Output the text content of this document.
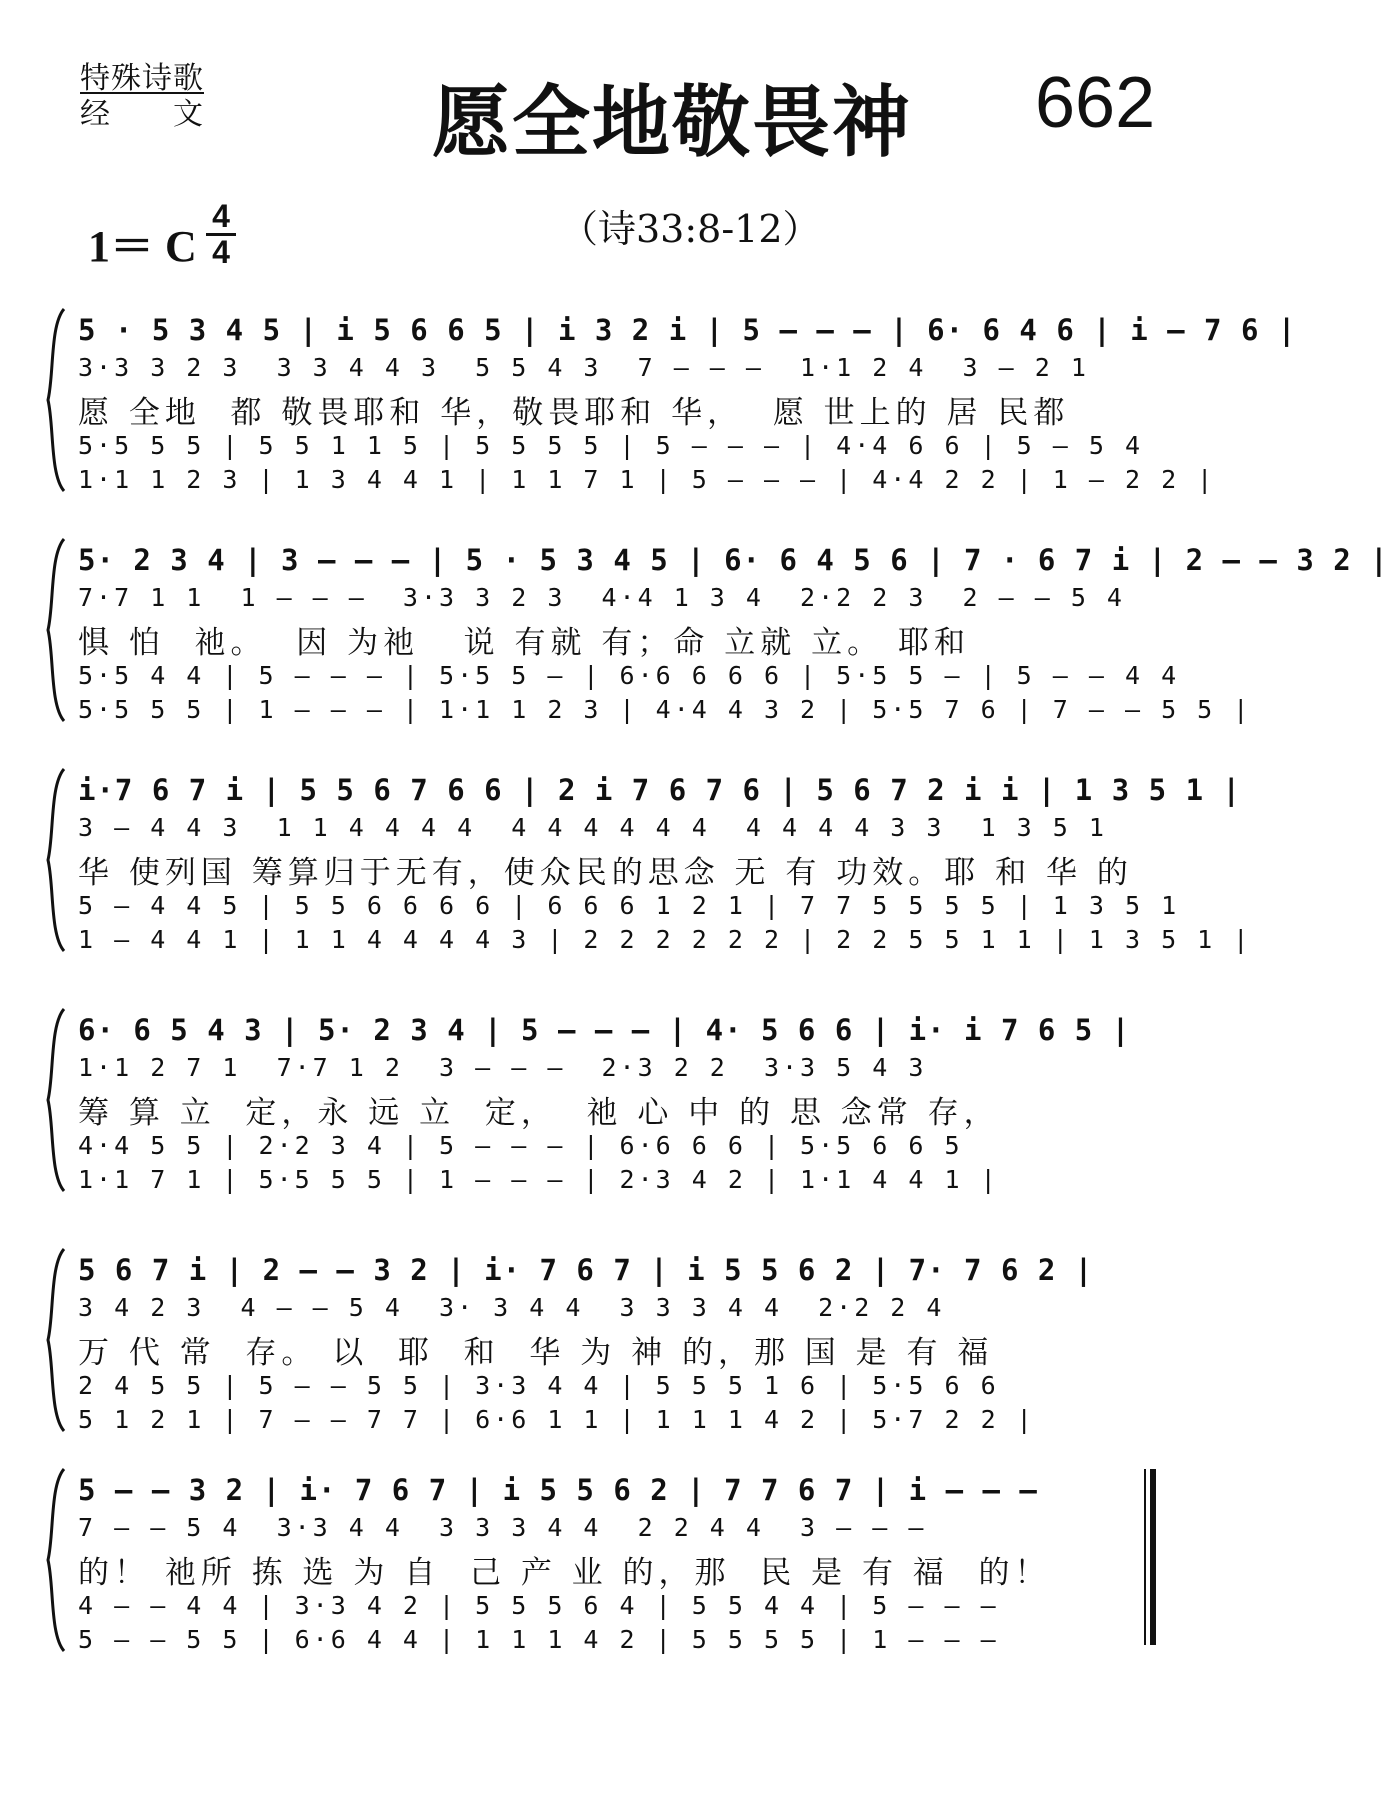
特殊诗歌
经　　文	愿全地敬畏神 662
1＝ C $\frac{4}{4}$	（诗33:8-12）
5 · 5 3 4 5 | i 5 6 6 5 | i 3 2 i | 5 – – – | 6· 6 4 6 | i – 7 6 |
3·3 3 2 3  3 3 4 4 3  5 5 4 3  7 – – –  1·1 2 4  3 – 2 1
愿 全地  都 敬畏耶和 华，敬畏耶和 华，  愿 世上的 居 民都
5·5 5 5 | 5 5 1 1 5 | 5 5 5 5 | 5 – – – | 4·4 6 6 | 5 – 5 4
1·1 1 2 3 | 1 3 4 4 1 | 1 1 7 1 | 5 – – – | 4·4 2 2 | 1 – 2 2 |
5· 2 3 4 | 3 – – – | 5 · 5 3 4 5 | 6· 6 4 5 6 | 7 · 6 7 i | 2 – – 3 2 |
7·7 1 1  1 – – –  3·3 3 2 3  4·4 1 3 4  2·2 2 3  2 – – 5 4
惧 怕  祂。  因 为祂   说 有就 有；命 立就 立。 耶和
5·5 4 4 | 5 – – – | 5·5 5 – | 6·6 6 6 6 | 5·5 5 – | 5 – – 4 4
5·5 5 5 | 1 – – – | 1·1 1 2 3 | 4·4 4 3 2 | 5·5 7 6 | 7 – – 5 5 |
i·7 6 7 i | 5 5 6 7 6 6 | 2 i 7 6 7 6 | 5 6 7 2 i i | 1 3 5 1 |
3 – 4 4 3  1 1 4 4 4 4  4 4 4 4 4 4  4 4 4 4 3 3  1 3 5 1
华 使列国 筹算归于无有，使众民的思念 无 有 功效。耶 和 华 的
5 – 4 4 5 | 5 5 6 6 6 6 | 6 6 6 1 2 1 | 7 7 5 5 5 5 | 1 3 5 1
1 – 4 4 1 | 1 1 4 4 4 4 3 | 2 2 2 2 2 2 | 2 2 5 5 1 1 | 1 3 5 1 |
6· 6 5 4 3 | 5· 2 3 4 | 5 – – – | 4· 5 6 6 | i· i 7 6 5 |
1·1 2 7 1  7·7 1 2  3 – – –  2·3 2 2  3·3 5 4 3
筹 算 立  定，永 远 立  定，  祂 心 中 的 思 念常 存，
4·4 5 5 | 2·2 3 4 | 5 – – – | 6·6 6 6 | 5·5 6 6 5
1·1 7 1 | 5·5 5 5 | 1 – – – | 2·3 4 2 | 1·1 4 4 1 |
5 6 7 i | 2 – – 3 2 | i· 7 6 7 | i 5 5 6 2 | 7· 7 6 2 |
3 4 2 3  4 – – 5 4  3· 3 4 4  3 3 3 4 4  2·2 2 4
万 代 常  存。 以  耶  和  华 为 神 的，那 国 是 有 福
2 4 5 5 | 5 – – 5 5 | 3·3 4 4 | 5 5 5 1 6 | 5·5 6 6
5 1 2 1 | 7 – – 7 7 | 6·6 1 1 | 1 1 1 4 2 | 5·7 2 2 |
5 – – 3 2 | i· 7 6 7 | i 5 5 6 2 | 7 7 6 7 | i – – –
7 – – 5 4  3·3 4 4  3 3 3 4 4  2 2 4 4  3 – – –
的！ 祂所 拣 选 为 自  己 产 业 的，那  民 是 有 福  的！
4 – – 4 4 | 3·3 4 2 | 5 5 5 6 4 | 5 5 4 4 | 5 – – –
5 – – 5 5 | 6·6 4 4 | 1 1 1 4 2 | 5 5 5 5 | 1 – – –
